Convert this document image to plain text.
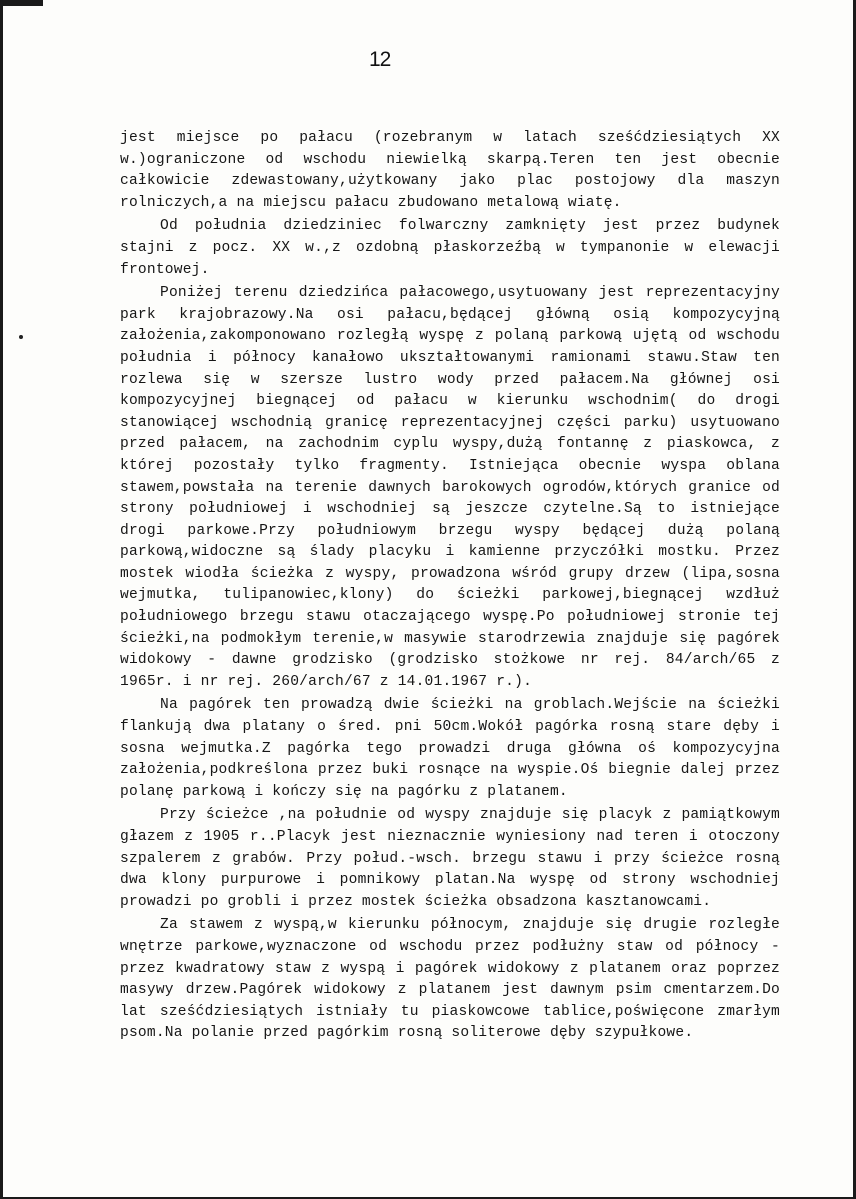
12

jest miejsce po pałacu (rozebranym w latach sześćdziesiątych XX w.)ograniczone od wschodu niewielką skarpą.Teren ten jest obecnie całkowicie zdewastowany,użytkowany jako plac postojowy dla maszyn rolniczych,a na miejscu pałacu zbudowano metalową wiatę.

Od południa dziedziniec folwarczny zamknięty jest przez budynek stajni z pocz. XX w.,z ozdobną płaskorzeźbą w tympanonie w elewacji frontowej.

Poniżej terenu dziedzińca pałacowego,usytuowany jest reprezentacyjny park krajobrazowy.Na osi pałacu,będącej główną osią kompozycyjną założenia,zakomponowano rozległą wyspę z polaną parkową ujętą od wschodu południa i północy kanałowo ukształtowanymi ramionami stawu.Staw ten rozlewa się w szersze lustro wody przed pałacem.Na głównej osi kompozycyjnej biegnącej od pałacu w kierunku wschodnim( do drogi stanowiącej wschodnią granicę reprezentacyjnej części parku) usytuowano przed pałacem, na zachodnim cyplu wyspy,dużą fontannę z piaskowca, z której pozostały tylko fragmenty. Istniejąca obecnie wyspa oblana stawem,powstała na terenie dawnych barokowych ogrodów,których granice od strony południowej i wschodniej są jeszcze czytelne.Są to istniejące drogi parkowe.Przy południowym brzegu wyspy będącej dużą polaną parkową,widoczne są ślady placyku i kamienne przyczółki mostku. Przez mostek wiodła ścieżka z wyspy, prowadzona wśród grupy drzew (lipa,sosna wejmutka, tulipanowiec,klony) do ścieżki parkowej,biegnącej wzdłuż południowego brzegu stawu otaczającego wyspę.Po południowej stronie tej ścieżki,na podmokłym terenie,w masywie starodrzewia znajduje się pagórek widokowy - dawne grodzisko (grodzisko stożkowe nr rej. 84/arch/65 z 1965r. i nr rej. 260/arch/67 z 14.01.1967 r.).

Na pagórek ten prowadzą dwie ścieżki na groblach.Wejście na ścieżki flankują dwa platany o śred. pni 50cm.Wokół pagórka rosną stare dęby i sosna wejmutka.Z pagórka tego prowadzi druga główna oś kompozycyjna założenia,podkreślona przez buki rosnące na wyspie.Oś biegnie dalej przez polanę parkową i kończy się na pagórku z platanem.

Przy ścieżce ,na południe od wyspy znajduje się placyk z pamiątkowym głazem z 1905 r..Placyk jest nieznacznie wyniesiony nad teren i otoczony szpalerem z grabów. Przy połud.-wsch. brzegu stawu i przy ścieżce rosną dwa klony purpurowe i pomnikowy platan.Na wyspę od strony wschodniej prowadzi po grobli i przez mostek ścieżka obsadzona kasztanowcami.

Za stawem z wyspą,w kierunku północym, znajduje się drugie rozległe wnętrze parkowe,wyznaczone od wschodu przez podłużny staw od północy - przez kwadratowy staw z wyspą i pagórek widokowy z platanem oraz poprzez masywy drzew.Pagórek widokowy z platanem jest dawnym psim cmentarzem.Do lat sześćdziesiątych istniały tu piaskowcowe tablice,poświęcone zmarłym psom.Na polanie przed pagórkim rosną soliterowe dęby szypułkowe.
